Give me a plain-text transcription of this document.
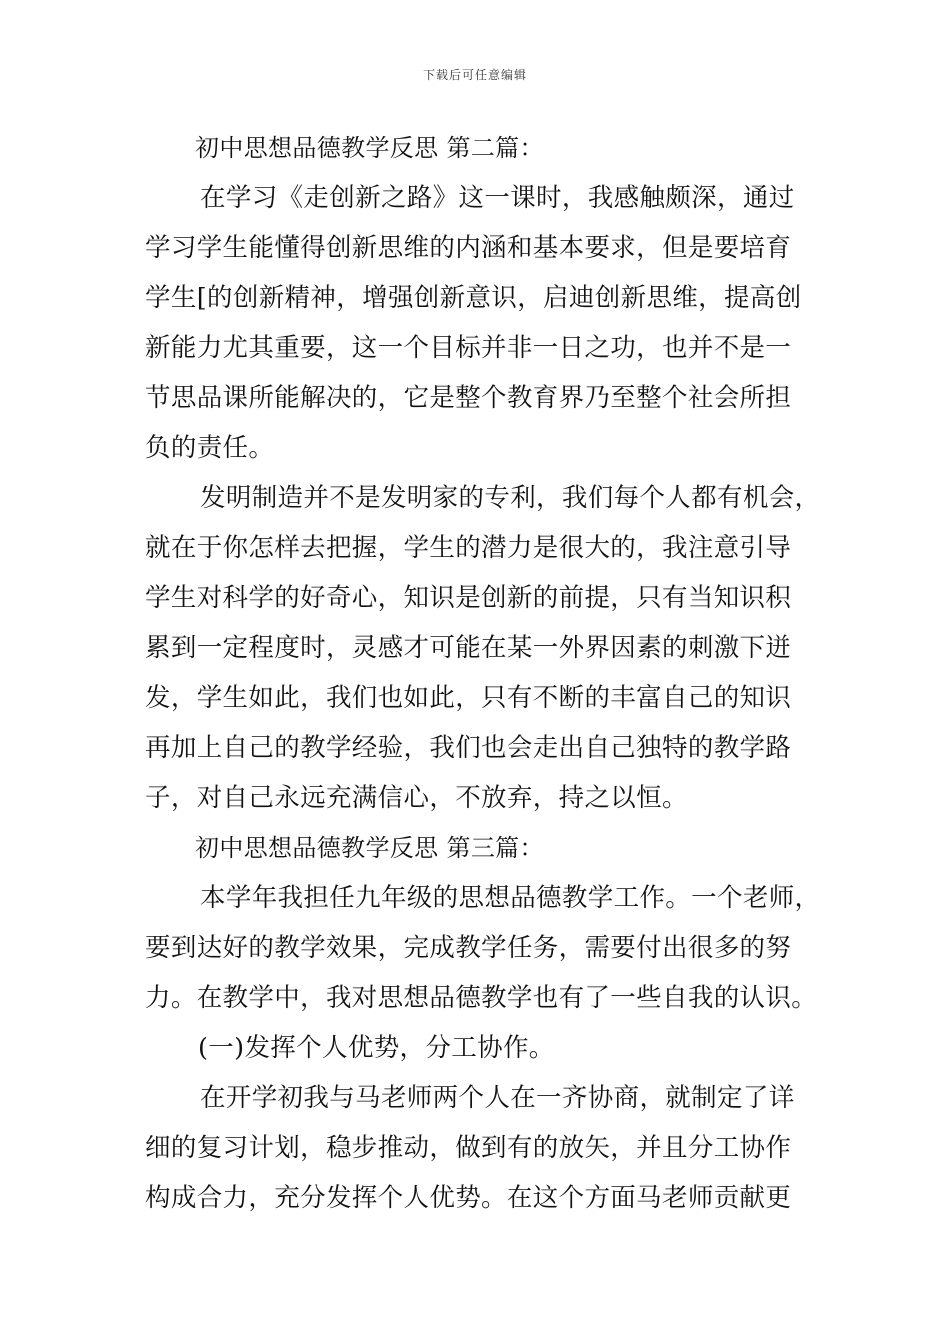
下载后可任意编辑
初中思想品德教学反思 第二篇：
在学习《走创新之路》这一课时，我感触颇深，通过
学习学生能懂得创新思维的内涵和基本要求，但是要培育
学生[的创新精神，增强创新意识，启迪创新思维，提高创
新能力尤其重要，这一个目标并非一日之功，也并不是一
节思品课所能解决的，它是整个教育界乃至整个社会所担
负的责任。
发明制造并不是发明家的专利，我们每个人都有机会，
就在于你怎样去把握，学生的潜力是很大的，我注意引导
学生对科学的好奇心，知识是创新的前提，只有当知识积
累到一定程度时，灵感才可能在某一外界因素的刺激下迸
发，学生如此，我们也如此，只有不断的丰富自己的知识
再加上自己的教学经验，我们也会走出自己独特的教学路
子，对自己永远充满信心，不放弃，持之以恒。
初中思想品德教学反思 第三篇：
本学年我担任九年级的思想品德教学工作。一个老师，
要到达好的教学效果，完成教学任务，需要付出很多的努
力。在教学中，我对思想品德教学也有了一些自我的认识。
(一)发挥个人优势，分工协作。
在开学初我与马老师两个人在一齐协商，就制定了详
细的复习计划，稳步推动，做到有的放矢，并且分工协作
构成合力，充分发挥个人优势。在这个方面马老师贡献更
